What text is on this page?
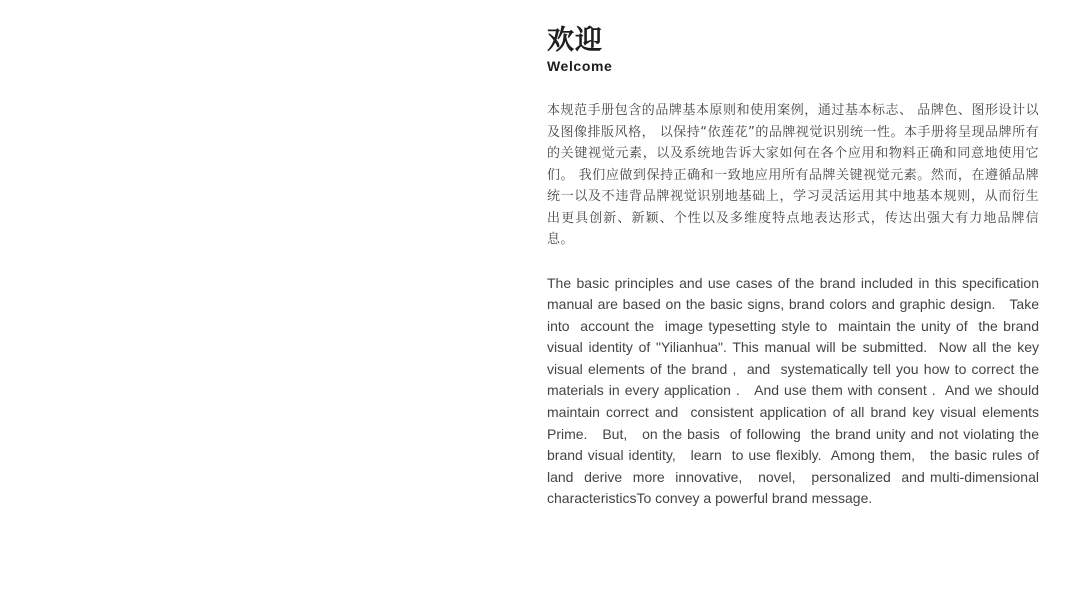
欢迎
Welcome
本规范手册包含的品牌基本原则和使用案例，通过基本标志、 品牌色、图形设计以及图像排版风格， 以保持“依莲花”的品牌视觉识别统一性。本手册将呈现品牌所有的关键视觉元素，以及系统地告诉大家如何在各个应用和物料正确和同意地使用它们。 我们应做到保持正确和一致地应用所有品牌关键视觉元素。然而，在遵循品牌统一以及不违背品牌视觉识别地基础上，学习灵活运用其中地基本规则，从而衍生出更具创新、新颖、个性以及多维度特点地表达形式，传达出强大有力地品牌信息。
The basic principles and use cases of the brand included in this specification manual are based on the basic signs, brand colors and graphic design.   Take into  account the  image typesetting style to  maintain the unity of  the brand visual identity of "Yilianhua". This manual will be submitted.  Now all the key visual elements of the brand ,  and  systematically tell you how to correct the materials in every application .   And use them with consent .  And we should maintain correct and  consistent application of all brand key visual elements Prime.   But,   on the basis  of following  the brand unity and not violating the brand visual identity,   learn  to use flexibly.  Among them,   the basic rules of land  derive  more  innovative,   novel,   personalized  and multi-dimensional characteristicsTo convey a powerful brand message.
